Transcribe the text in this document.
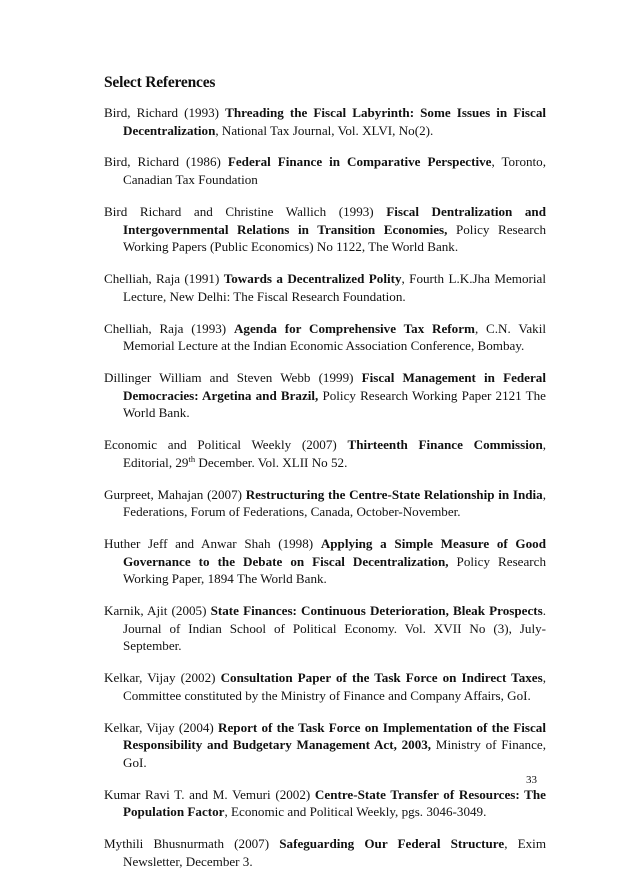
Select References

Bird, Richard (1993) Threading the Fiscal Labyrinth: Some Issues in Fiscal Decentralization, National Tax Journal, Vol. XLVI, No(2).

Bird, Richard (1986) Federal Finance in Comparative Perspective, Toronto, Canadian Tax Foundation

Bird Richard and Christine Wallich (1993) Fiscal Dentralization and Intergovernmental Relations in Transition Economies, Policy Research Working Papers (Public Economics) No 1122, The World Bank.

Chelliah, Raja (1991) Towards a Decentralized Polity, Fourth L.K.Jha Memorial Lecture, New Delhi: The Fiscal Research Foundation.

Chelliah, Raja (1993) Agenda for Comprehensive Tax Reform, C.N. Vakil Memorial Lecture at the Indian Economic Association Conference, Bombay.

Dillinger William and Steven Webb (1999) Fiscal Management in Federal Democracies: Argetina and Brazil, Policy Research Working Paper 2121 The World Bank.

Economic and Political Weekly (2007) Thirteenth Finance Commission, Editorial, 29th December. Vol. XLII No 52.

Gurpreet, Mahajan (2007) Restructuring the Centre-State Relationship in India, Federations, Forum of Federations, Canada, October-November.

Huther Jeff and Anwar Shah (1998) Applying a Simple Measure of Good Governance to the Debate on Fiscal Decentralization, Policy Research Working Paper, 1894 The World Bank.

Karnik, Ajit (2005) State Finances: Continuous Deterioration, Bleak Prospects. Journal of Indian School of Political Economy. Vol. XVII No (3), July-September.

Kelkar, Vijay (2002) Consultation Paper of the Task Force on Indirect Taxes, Committee constituted by the Ministry of Finance and Company Affairs, GoI.

Kelkar, Vijay (2004) Report of the Task Force on Implementation of the Fiscal Responsibility and Budgetary Management Act, 2003, Ministry of Finance, GoI.

Kumar Ravi T. and M. Vemuri (2002) Centre-State Transfer of Resources: The Population Factor, Economic and Political Weekly, pgs. 3046-3049.

Mythili Bhusnurmath (2007) Safeguarding Our Federal Structure, Exim Newsletter, December 3.

33
